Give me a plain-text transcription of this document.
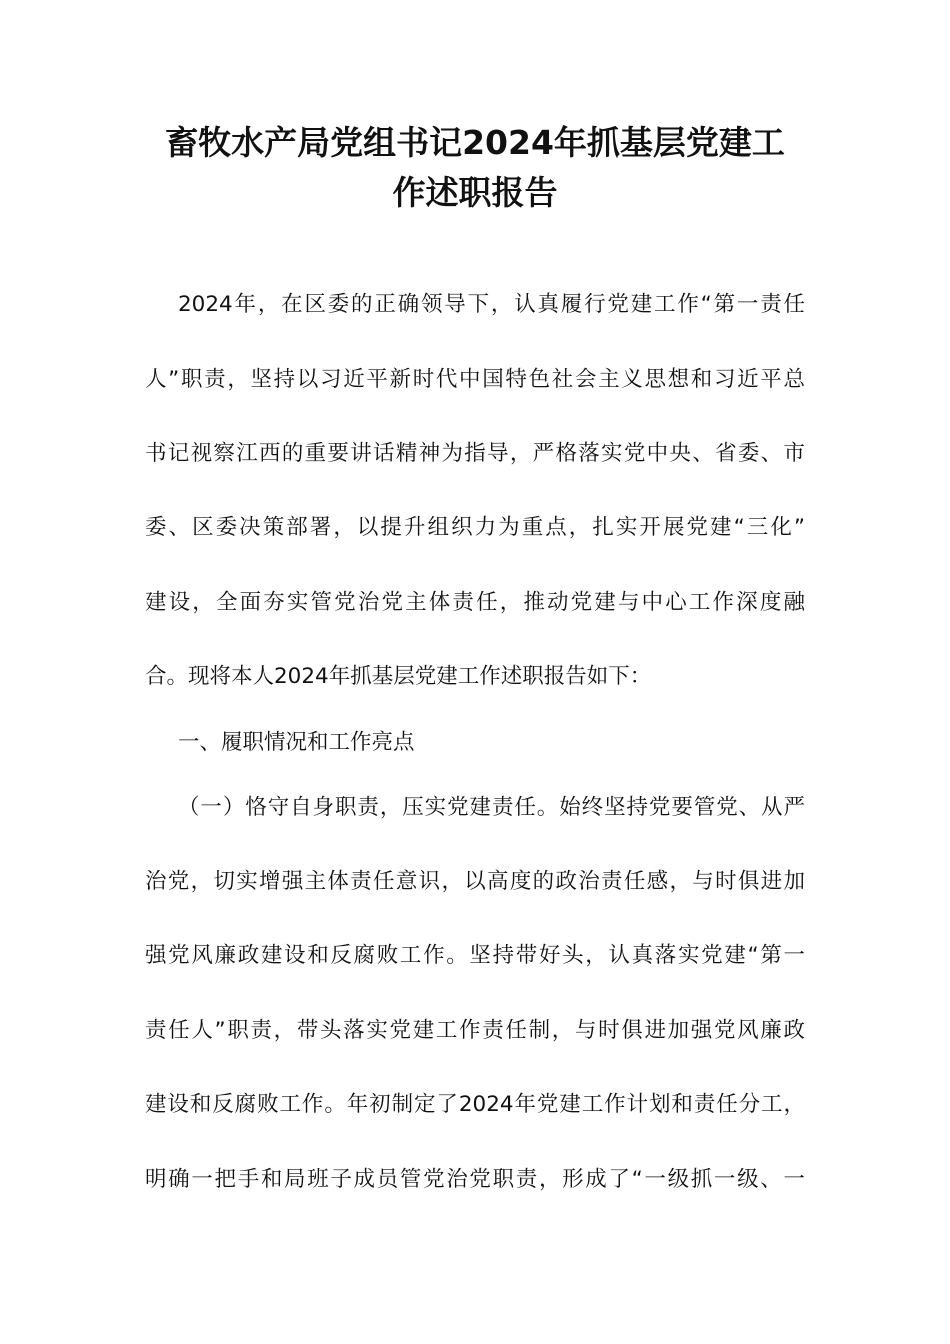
畜牧水产局党组书记2024年抓基层党建工
作述职报告
2024年，在区委的正确领导下，认真履行党建工作“第一责任
人”职责，坚持以习近平新时代中国特色社会主义思想和习近平总
书记视察江西的重要讲话精神为指导，严格落实党中央、省委、市
委、区委决策部署，以提升组织力为重点，扎实开展党建“三化”
建设，全面夯实管党治党主体责任，推动党建与中心工作深度融
合。现将本人2024年抓基层党建工作述职报告如下：
一、履职情况和工作亮点
（一）恪守自身职责，压实党建责任。始终坚持党要管党、从严
治党，切实增强主体责任意识，以高度的政治责任感，与时俱进加
强党风廉政建设和反腐败工作。坚持带好头，认真落实党建“第一
责任人”职责，带头落实党建工作责任制，与时俱进加强党风廉政
建设和反腐败工作。年初制定了2024年党建工作计划和责任分工，
明确一把手和局班子成员管党治党职责，形成了“一级抓一级、一
